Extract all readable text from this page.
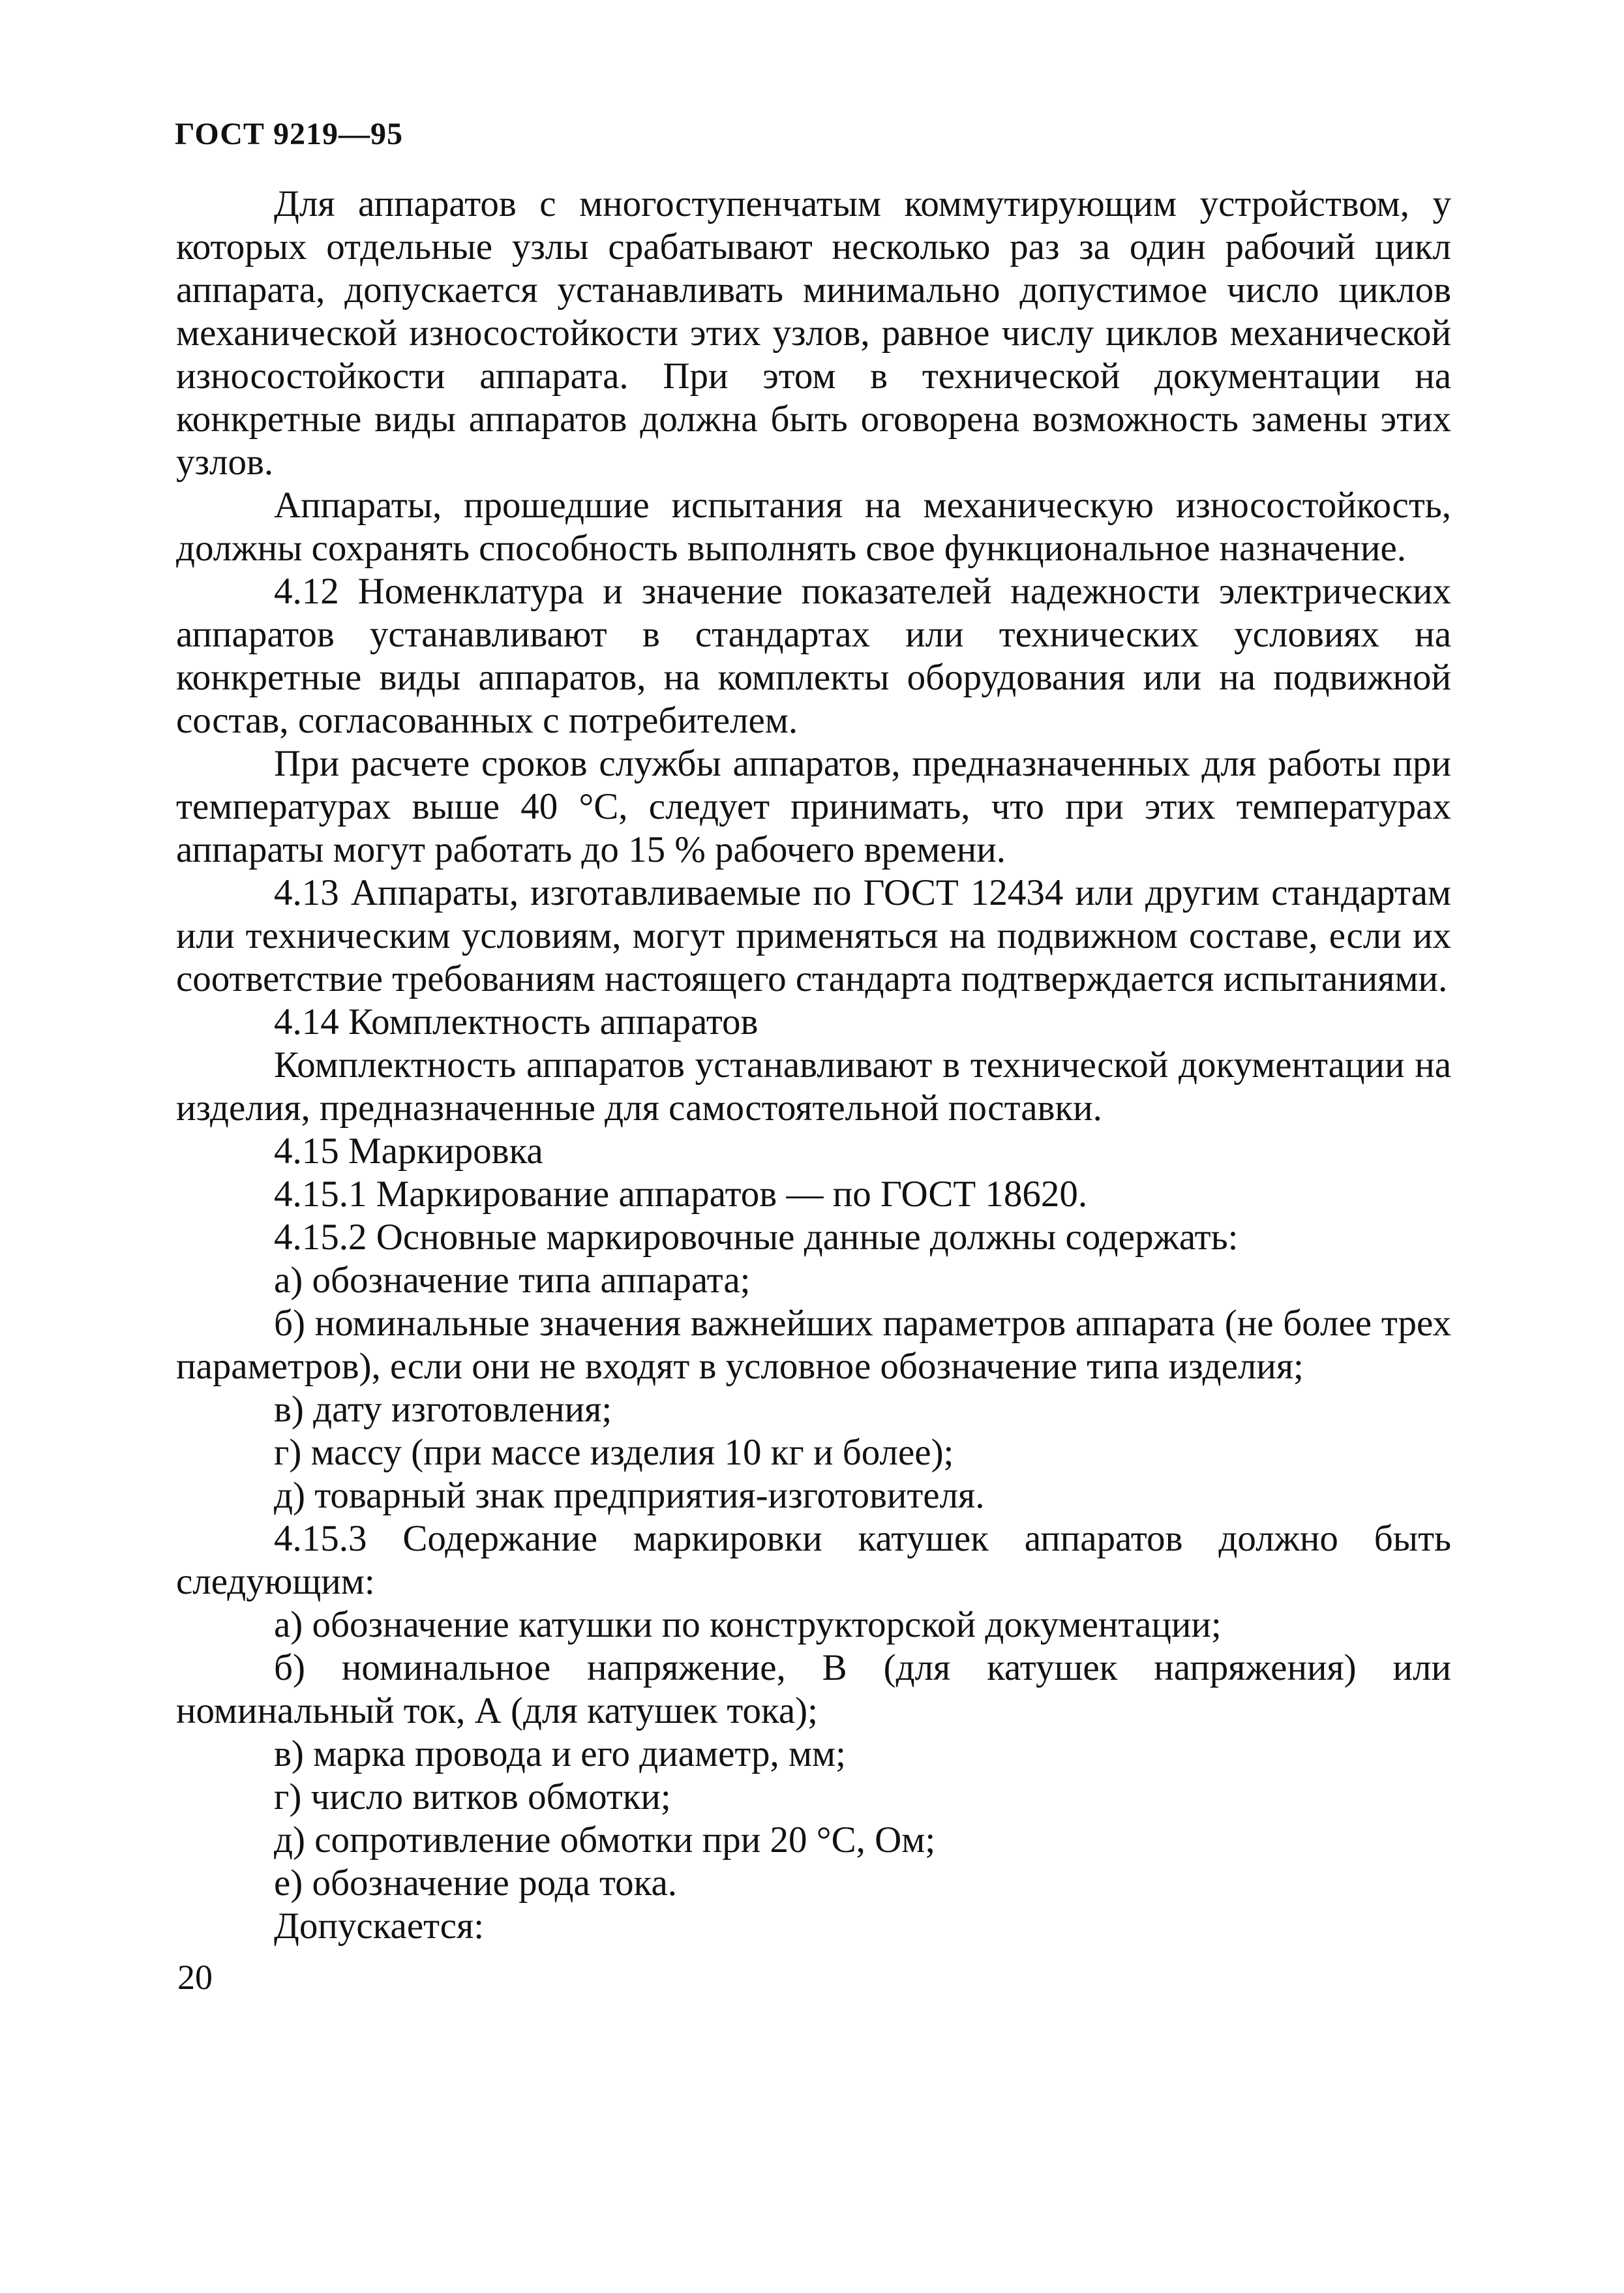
ГОСТ 9219—95

Для аппаратов с многоступенчатым коммутирующим устройством, у которых отдельные узлы срабатывают несколько раз за один рабочий цикл аппарата, допускается устанавливать минимально допустимое число циклов механической износостойкости этих узлов, равное числу циклов механической износостойкости аппарата. При этом в технической документации на конкретные виды аппаратов должна быть оговорена возможность замены этих узлов.

Аппараты, прошедшие испытания на механическую износостойкость, должны сохранять способность выполнять свое функциональное назначение.

4.12 Номенклатура и значение показателей надежности электрических аппаратов устанавливают в стандартах или технических условиях на конкретные виды аппаратов, на комплекты оборудования или на подвижной состав, согласованных с потребителем.

При расчете сроков службы аппаратов, предназначенных для работы при температурах выше 40 °С, следует принимать, что при этих температурах аппараты могут работать до 15 % рабочего времени.

4.13 Аппараты, изготавливаемые по ГОСТ 12434 или другим стандартам или техническим условиям, могут применяться на подвижном составе, если их соответствие требованиям настоящего стандарта подтверждается испытаниями.

4.14 Комплектность аппаратов

Комплектность аппаратов устанавливают в технической документации на изделия, предназначенные для самостоятельной поставки.

4.15 Маркировка

4.15.1 Маркирование аппаратов — по ГОСТ 18620.

4.15.2 Основные маркировочные данные должны содержать:

а) обозначение типа аппарата;

б) номинальные значения важнейших параметров аппарата (не более трех параметров), если они не входят в условное обозначение типа изделия;

в) дату изготовления;

г) массу (при массе изделия 10 кг и более);

д) товарный знак предприятия-изготовителя.

4.15.3 Содержание маркировки катушек аппаратов должно быть следующим:

а) обозначение катушки по конструкторской документации;

б) номинальное напряжение, В (для катушек напряжения) или номинальный ток, А (для катушек тока);

в) марка провода и его диаметр, мм;

г) число витков обмотки;

д) сопротивление обмотки при 20 °С, Ом;

е) обозначение рода тока.

Допускается:

20
